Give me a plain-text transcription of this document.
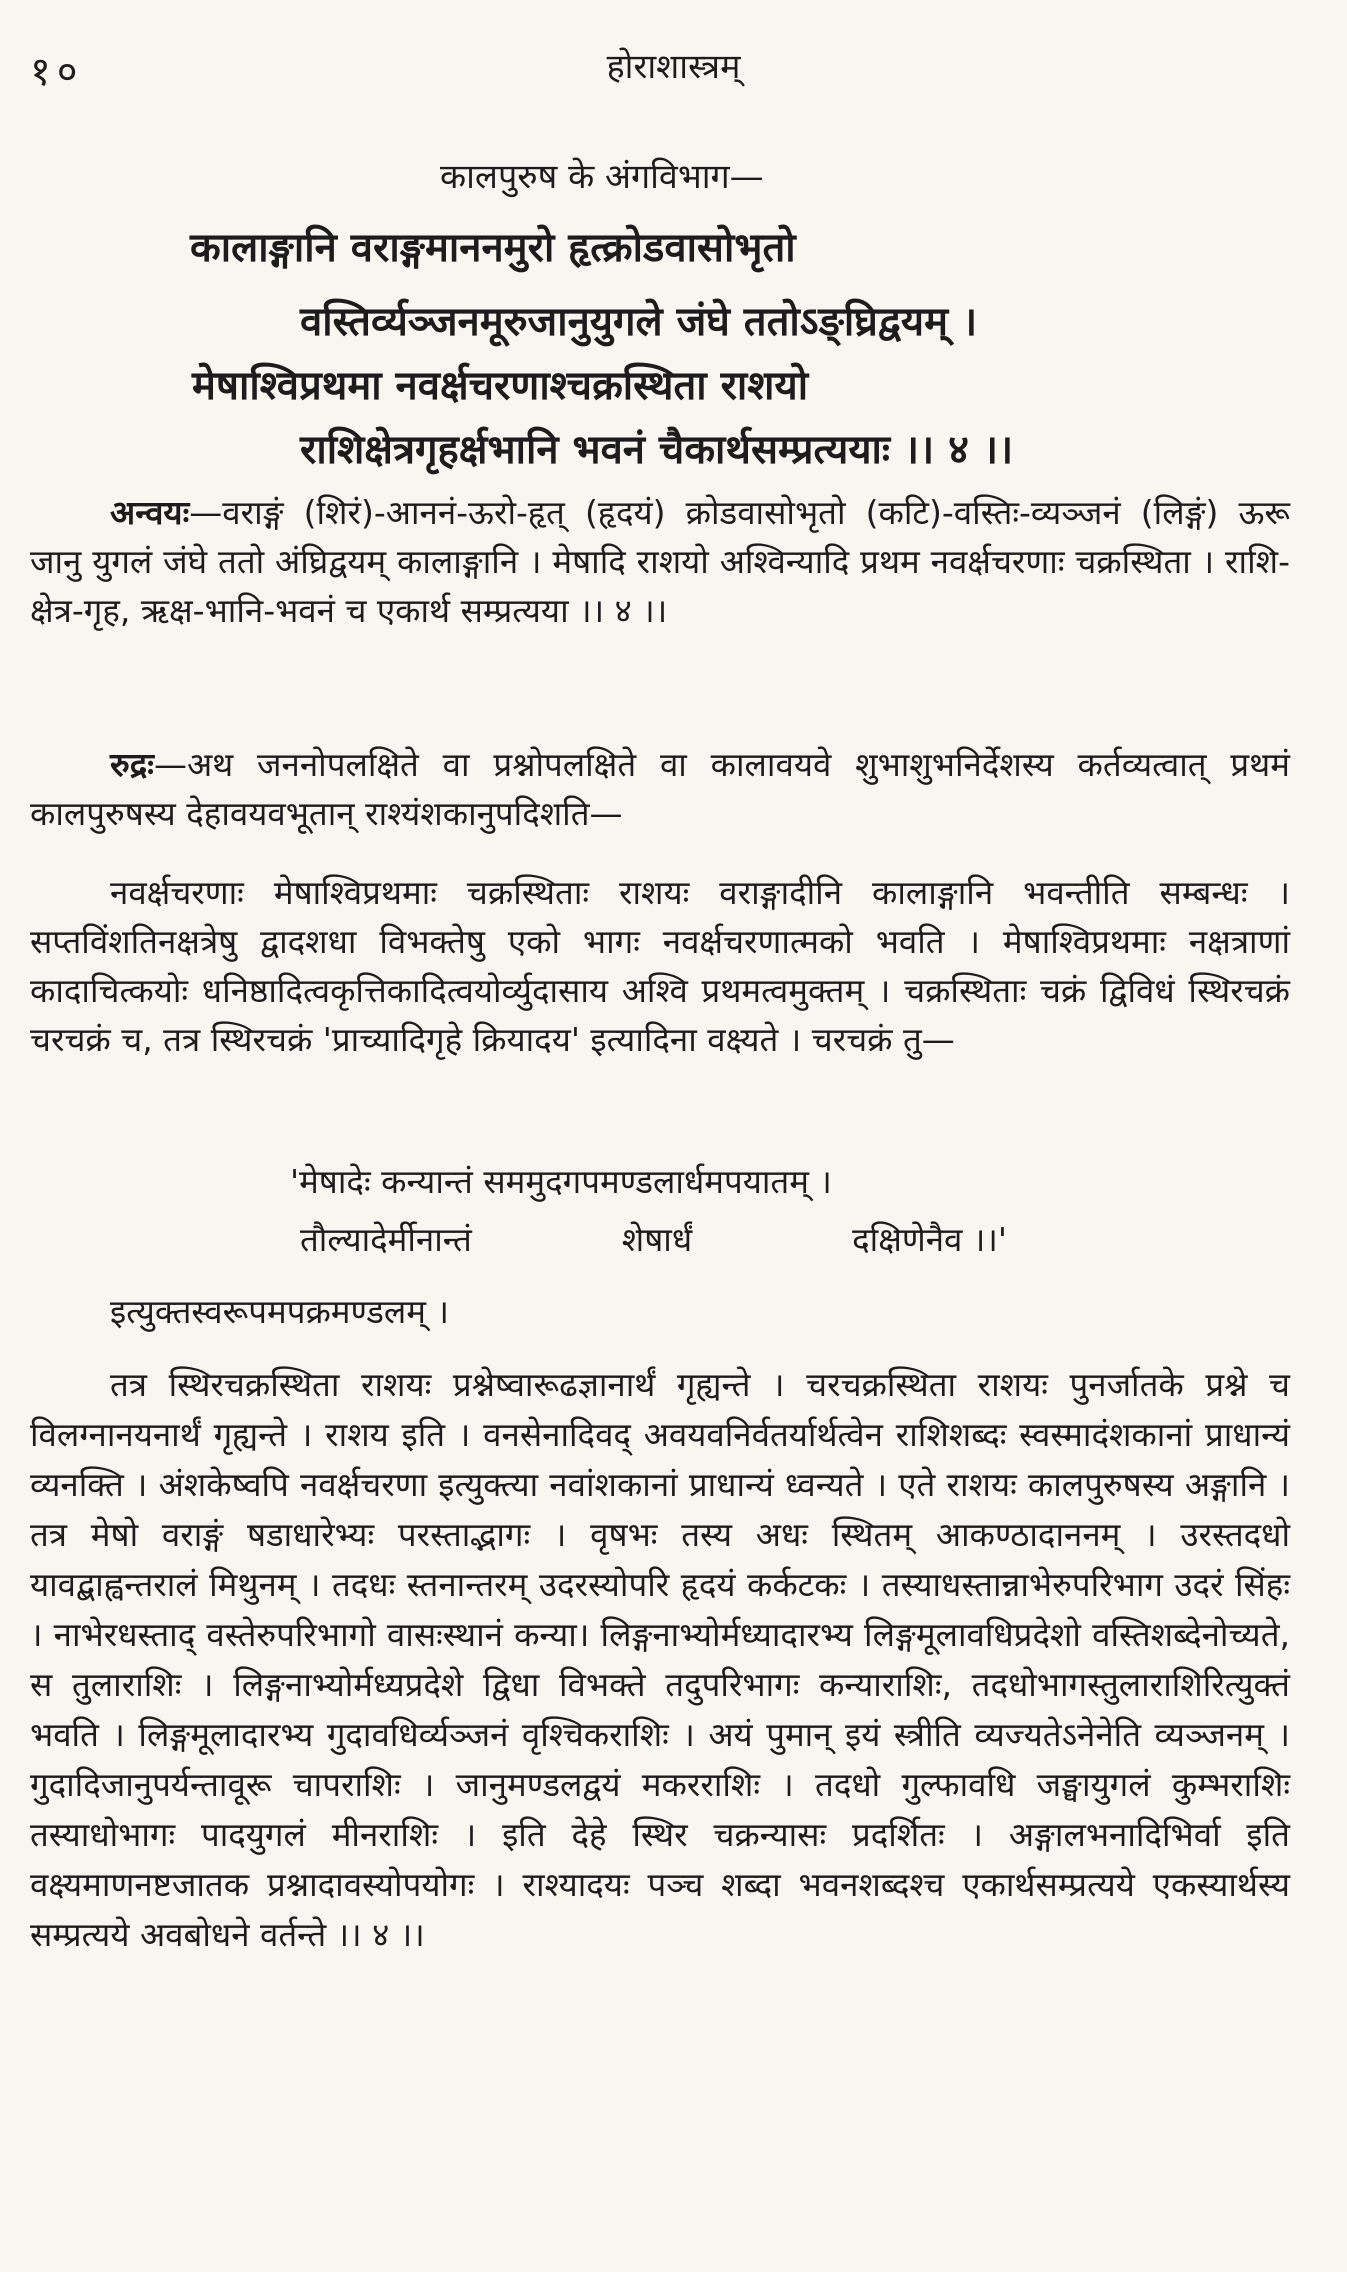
१०	होराशास्त्रम्
कालपुरुष के अंगविभाग—
कालाङ्गानि वराङ्गमाननमुरो हृत्क्रोडवासोभृतो
वस्तिर्व्यञ्जनमूरुजानुयुगले जंघे ततोऽङ्घ्रिद्वयम् ।
मेषाश्विप्रथमा नवर्क्षचरणाश्चक्रस्थिता राशयो
राशिक्षेत्रगृहर्क्षभानि भवनं चैकार्थसम्प्रत्ययाः ।। ४ ।।

अन्वयः—वराङ्गं (शिरं)-आननं-ऊरो-हृत् (हृदयं) क्रोडवासोभृतो (कटि)-वस्तिः-व्यञ्जनं (लिङ्गं) ऊरू जानु युगलं जंघे ततो अंघ्रिद्वयम् कालाङ्गानि । मेषादि राशयो अश्विन्यादि प्रथम नवर्क्षचरणाः चक्रस्थिता । राशि-क्षेत्र-गृह, ऋक्ष-भानि-भवनं च एकार्थ सम्प्रत्यया ।। ४ ।।

रुद्रः—अथ जननोपलक्षिते वा प्रश्नोपलक्षिते वा कालावयवे शुभाशुभनिर्देशस्य कर्तव्यत्वात् प्रथमं कालपुरुषस्य देहावयवभूतान् राश्यंशकानुपदिशति—

नवर्क्षचरणाः मेषाश्विप्रथमाः चक्रस्थिताः राशयः वराङ्गादीनि कालाङ्गानि भवन्तीति सम्बन्धः । सप्तविंशतिनक्षत्रेषु द्वादशधा विभक्तेषु एको भागः नवर्क्षचरणात्मको भवति । मेषाश्विप्रथमाः नक्षत्राणां कादाचित्कयोः धनिष्ठादित्वकृत्तिकादित्वयोर्व्युदासाय अश्वि प्रथमत्वमुक्तम् । चक्रस्थिताः चक्रं द्विविधं स्थिरचक्रं चरचक्रं च, तत्र स्थिरचक्रं 'प्राच्यादिगृहे क्रियादय' इत्यादिना वक्ष्यते । चरचक्रं तु—

'मेषादेः कन्यान्तं सममुदगपमण्डलार्धमपयातम् ।
तौल्यादेर्मीनान्तं	शेषार्धं	दक्षिणेनैव ।।'
इत्युक्तस्वरूपमपक्रमण्डलम् ।

तत्र स्थिरचक्रस्थिता राशयः प्रश्नेष्वारूढज्ञानार्थं गृह्यन्ते । चरचक्रस्थिता राशयः पुनर्जातके प्रश्ने च विलग्नानयनार्थं गृह्यन्ते । राशय इति । वनसेनादिवद् अवयवनिर्वतर्यार्थत्वेन राशिशब्दः स्वस्मादंशकानां प्राधान्यं व्यनक्ति । अंशकेष्वपि नवर्क्षचरणा इत्युक्त्या नवांशकानां प्राधान्यं ध्वन्यते । एते राशयः कालपुरुषस्य अङ्गानि । तत्र मेषो वराङ्गं षडाधारेभ्यः परस्ताद्भागः । वृषभः तस्य अधः स्थितम् आकण्ठादाननम् । उरस्तदधो यावद्बाह्वन्तरालं मिथुनम् । तदधः स्तनान्तरम् उदरस्योपरि हृदयं कर्कटकः । तस्याधस्तान्नाभेरुपरिभाग उदरं सिंहः । नाभेरधस्ताद् वस्तेरुपरिभागो वासःस्थानं कन्या। लिङ्गनाभ्योर्मध्यादारभ्य लिङ्गमूलावधिप्रदेशो वस्तिशब्देनोच्यते, स तुलाराशिः । लिङ्गनाभ्योर्मध्यप्रदेशे द्विधा विभक्ते तदुपरिभागः कन्याराशिः, तदधोभागस्तुलाराशिरित्युक्तं भवति । लिङ्गमूलादारभ्य गुदावधिर्व्यञ्जनं वृश्चिकराशिः । अयं पुमान् इयं स्त्रीति व्यज्यतेऽनेनेति व्यञ्जनम् । गुदादिजानुपर्यन्तावूरू चापराशिः । जानुमण्डलद्वयं मकरराशिः । तदधो गुल्फावधि जङ्घायुगलं कुम्भराशिः तस्याधोभागः पादयुगलं मीनराशिः । इति देहे स्थिर चक्रन्यासः प्रदर्शितः । अङ्गालभनादिभिर्वा इति वक्ष्यमाणनष्टजातक प्रश्नादावस्योपयोगः । राश्यादयः पञ्च शब्दा भवनशब्दश्च एकार्थसम्प्रत्यये एकस्यार्थस्य सम्प्रत्यये अवबोधने वर्तन्ते ।। ४ ।।
